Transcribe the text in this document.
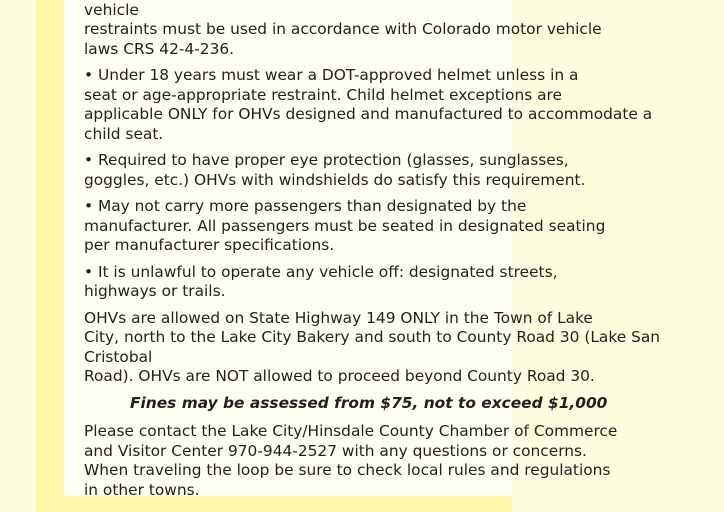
vehicle
restraints must be used in accordance with Colorado motor vehicle
laws CRS 42-4-236.

• Under 18 years must wear a DOT-approved helmet unless in a
seat or age-appropriate restraint. Child helmet exceptions are
applicable ONLY for OHVs designed and manufactured to accommodate a
child seat.

• Required to have proper eye protection (glasses, sunglasses,
goggles, etc.) OHVs with windshields do satisfy this requirement.

• May not carry more passengers than designated by the
manufacturer. All passengers must be seated in designated seating
per manufacturer specifications.

• It is unlawful to operate any vehicle off: designated streets,
highways or trails.

OHVs are allowed on State Highway 149 ONLY in the Town of Lake
City, north to the Lake City Bakery and south to County Road 30 (Lake San Cristobal
Road). OHVs are NOT allowed to proceed beyond County Road 30.

Fines may be assessed from $75, not to exceed $1,000

Please contact the Lake City/Hinsdale County Chamber of Commerce
and Visitor Center 970-944-2527 with any questions or concerns.
When traveling the loop be sure to check local rules and regulations
in other towns.
